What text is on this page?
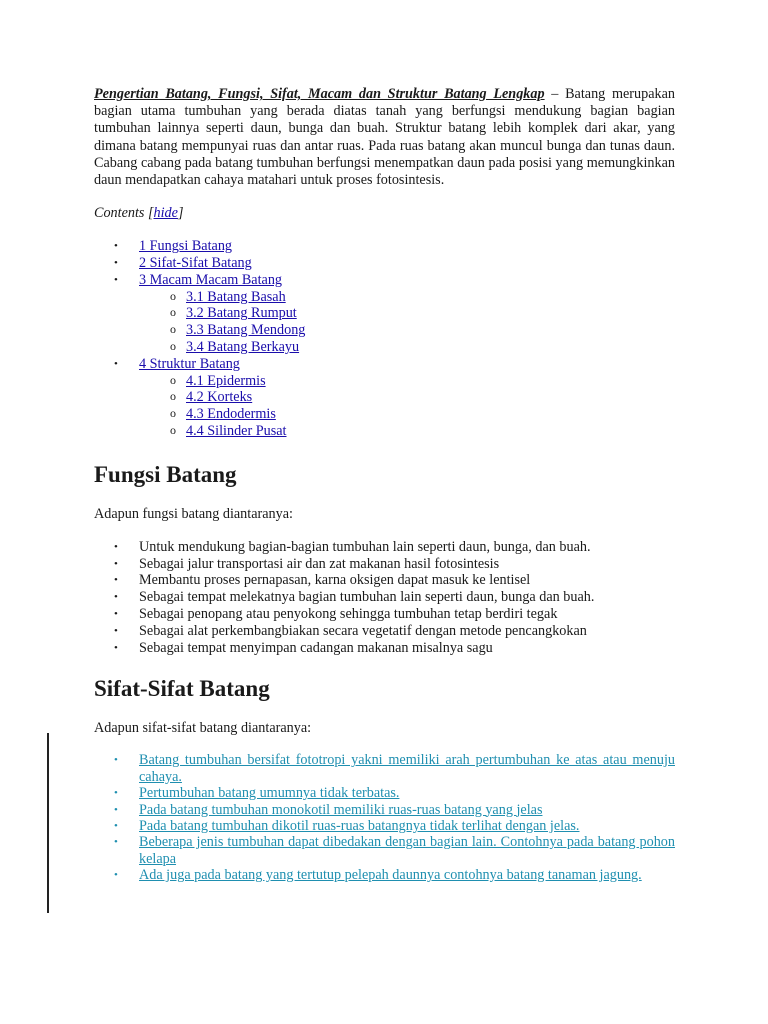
Pengertian Batang, Fungsi, Sifat, Macam dan Struktur Batang Lengkap – Batang merupakan bagian utama tumbuhan yang berada diatas tanah yang berfungsi mendukung bagian bagian tumbuhan lainnya seperti daun, bunga dan buah. Struktur batang lebih komplek dari akar, yang dimana batang mempunyai ruas dan antar ruas. Pada ruas batang akan muncul bunga dan tunas daun. Cabang cabang pada batang tumbuhan berfungsi menempatkan daun pada posisi yang memungkinkan daun mendapatkan cahaya matahari untuk proses fotosintesis.

Contents [hide]

•	1 Fungsi Batang
•	2 Sifat-Sifat Batang
•	3 Macam Macam Batang
o 3.1 Batang Basah
o 3.2 Batang Rumput
o 3.3 Batang Mendong
o 3.4 Batang Berkayu
•	4 Struktur Batang
o 4.1 Epidermis
o 4.2 Korteks
o 4.3 Endodermis
o 4.4 Silinder Pusat
Fungsi Batang

Adapun fungsi batang diantaranya:

• Untuk mendukung bagian-bagian tumbuhan lain seperti daun, bunga, dan buah.
• Sebagai jalur transportasi air dan zat makanan hasil fotosintesis
• Membantu proses pernapasan, karna oksigen dapat masuk ke lentisel
• Sebagai tempat melekatnya bagian tumbuhan lain seperti daun, bunga dan buah.
• Sebagai penopang atau penyokong sehingga tumbuhan tetap berdiri tegak
• Sebagai alat perkembangbiakan secara vegetatif dengan metode pencangkokan
• Sebagai tempat menyimpan cadangan makanan misalnya sagu
Sifat-Sifat Batang

Adapun sifat-sifat batang diantaranya:

• Batang tumbuhan bersifat fototropi yakni memiliki arah pertumbuhan ke atas atau menuju cahaya.
• Pertumbuhan batang umumnya tidak terbatas.
• Pada batang tumbuhan monokotil memiliki ruas-ruas batang yang jelas
• Pada batang tumbuhan dikotil ruas-ruas batangnya tidak terlihat dengan jelas.
• Beberapa jenis tumbuhan dapat dibedakan dengan bagian lain. Contohnya pada batang pohon kelapa
• Ada juga pada batang yang tertutup pelepah daunnya contohnya batang tanaman jagung.
